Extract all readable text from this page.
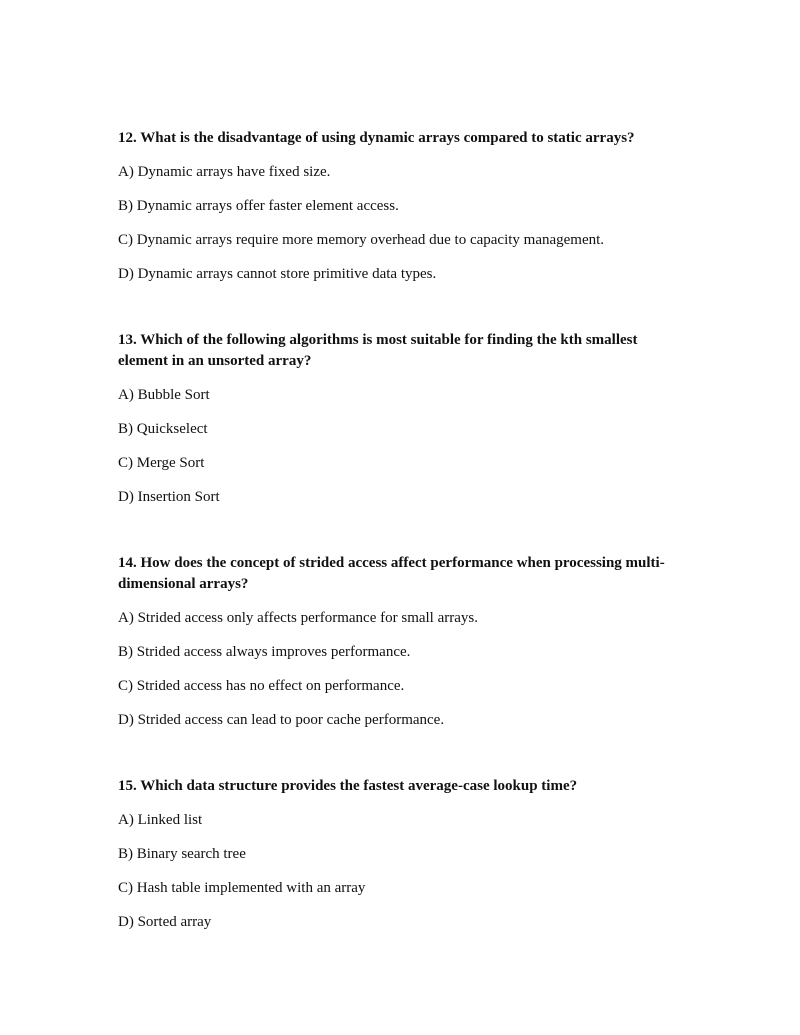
12. What is the disadvantage of using dynamic arrays compared to static arrays?

A) Dynamic arrays have fixed size.

B) Dynamic arrays offer faster element access.

C) Dynamic arrays require more memory overhead due to capacity management.

D) Dynamic arrays cannot store primitive data types.

13. Which of the following algorithms is most suitable for finding the kth smallest element in an unsorted array?

A) Bubble Sort

B) Quickselect

C) Merge Sort

D) Insertion Sort

14. How does the concept of strided access affect performance when processing multi-dimensional arrays?

A) Strided access only affects performance for small arrays.

B) Strided access always improves performance.

C) Strided access has no effect on performance.

D) Strided access can lead to poor cache performance.

15. Which data structure provides the fastest average-case lookup time?

A) Linked list

B) Binary search tree

C) Hash table implemented with an array

D) Sorted array
